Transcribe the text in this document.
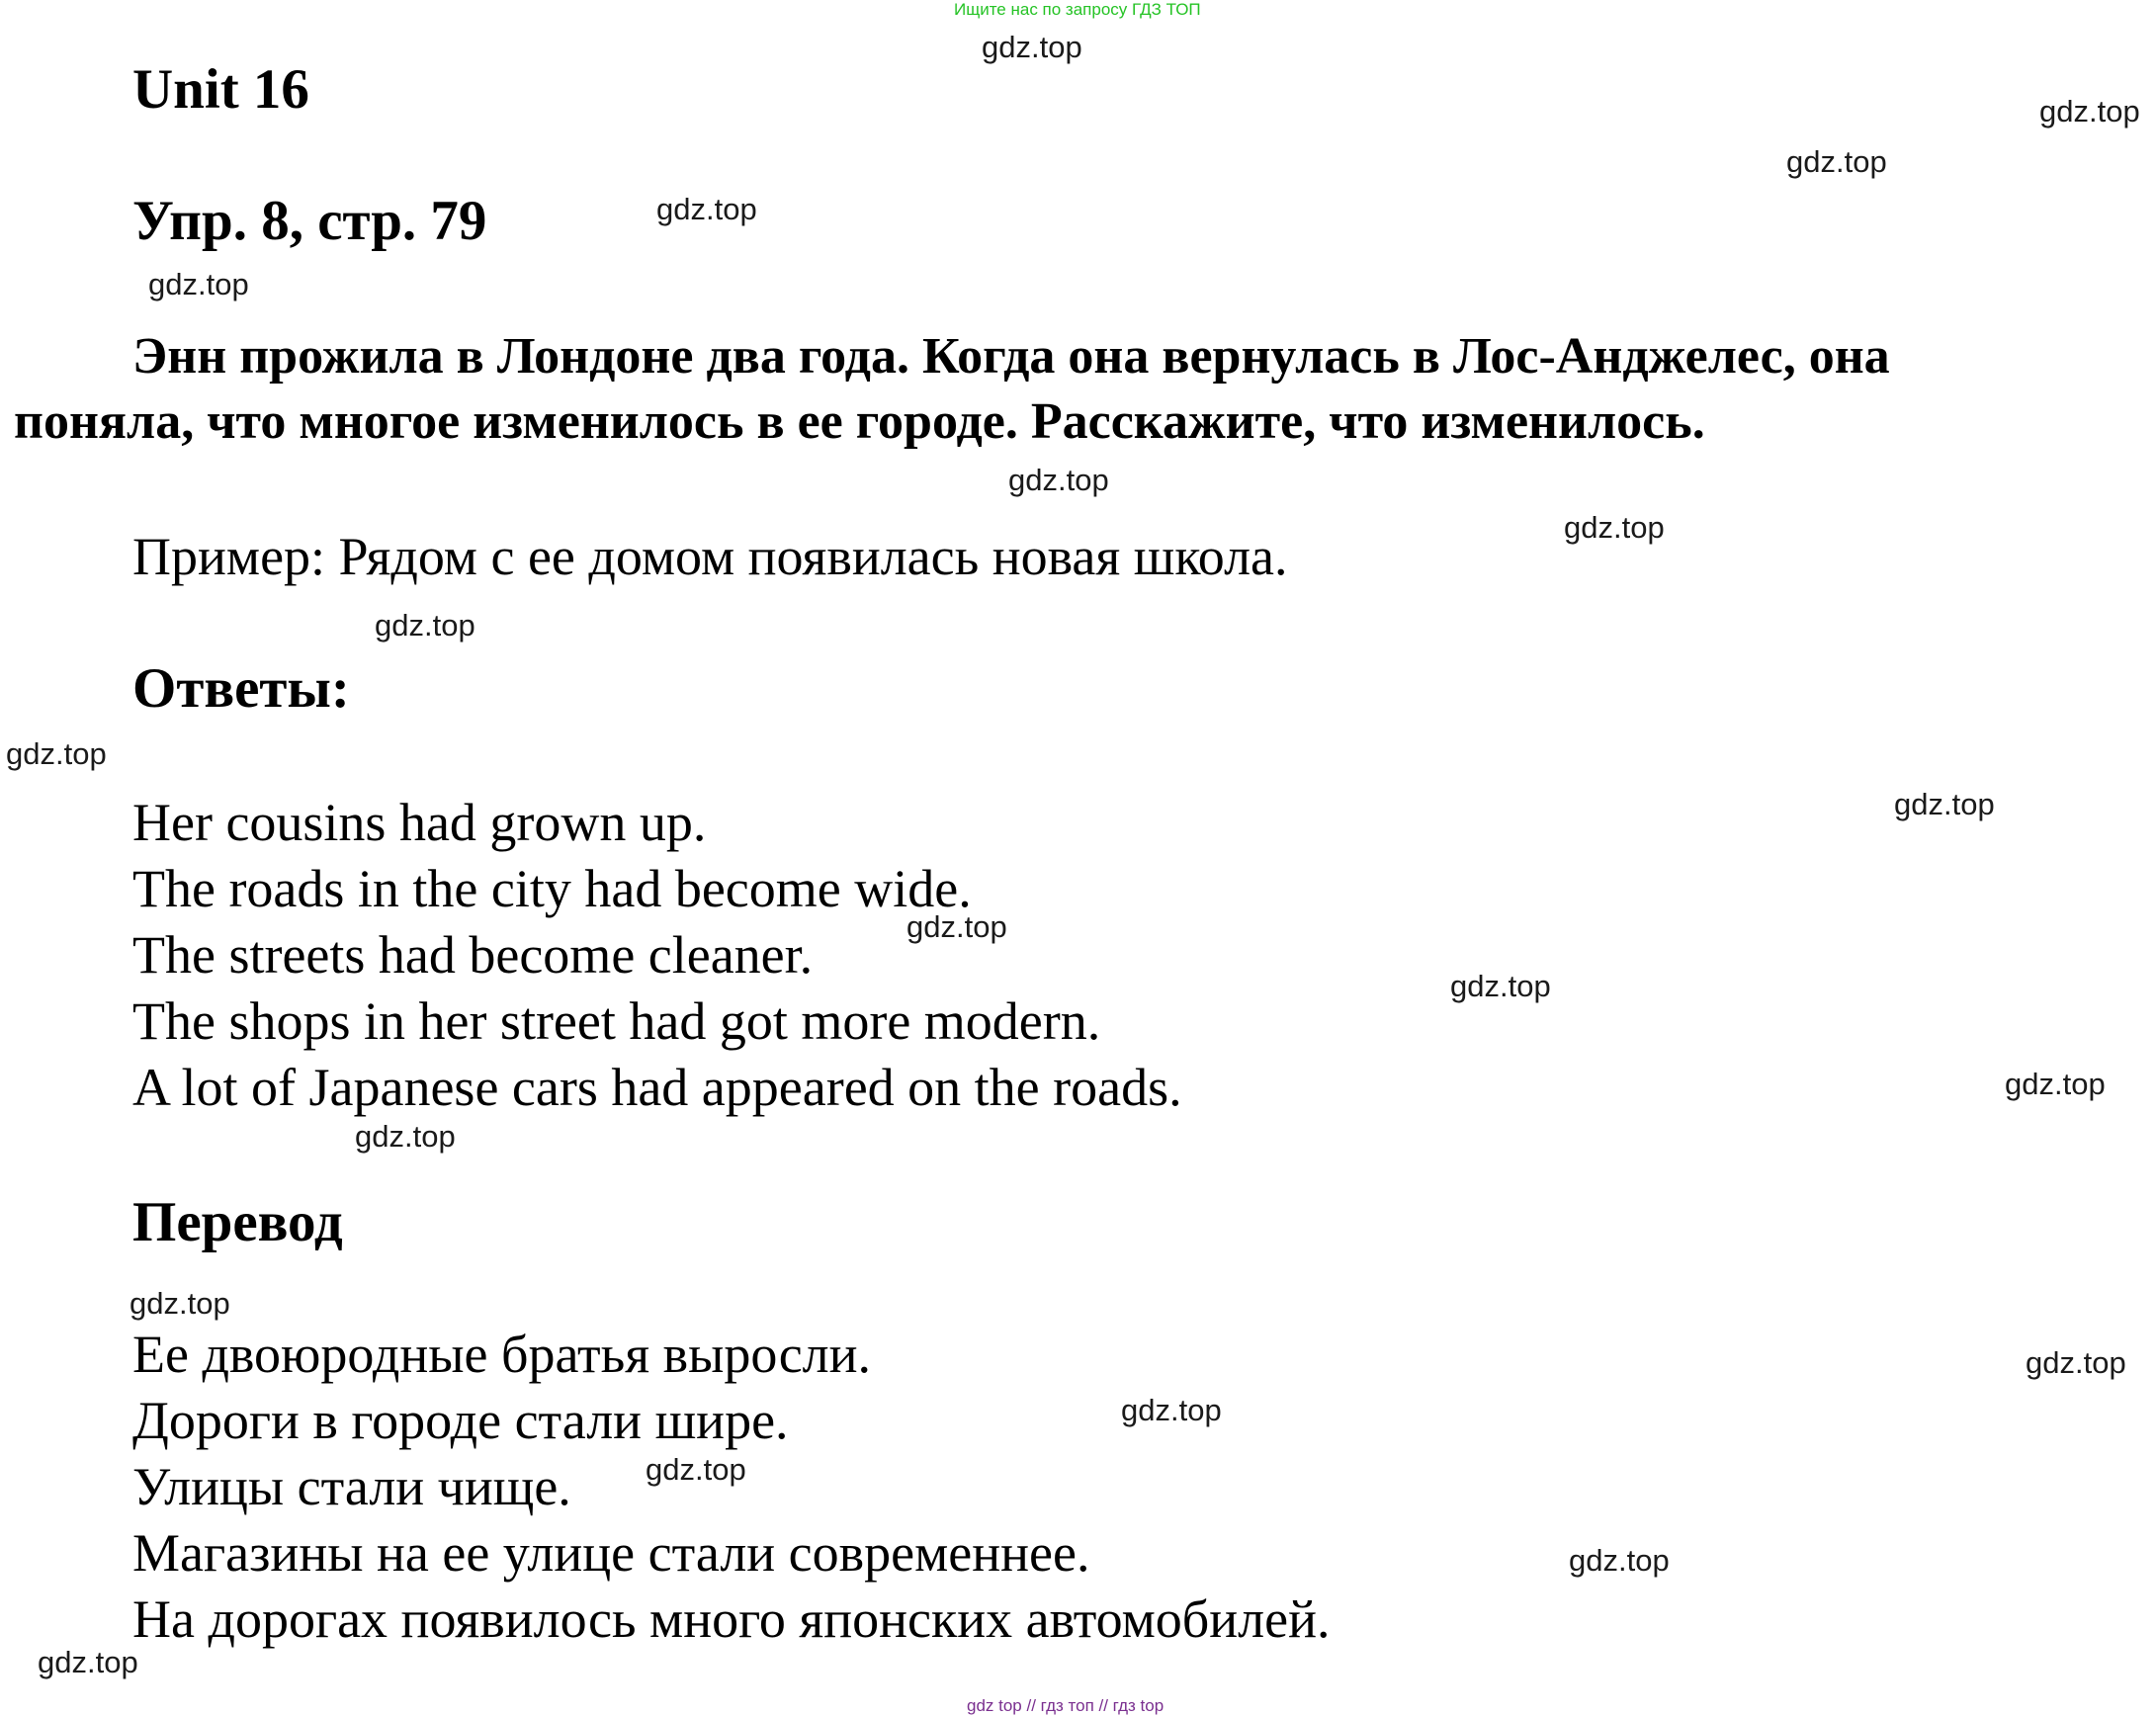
Ищите нас по запросу ГДЗ ТОП
Unit 16
Упр. 8, стр. 79
Энн прожила в Лондоне два года. Когда она вернулась в Лос-Анджелес, она
поняла, что многое изменилось в ее городе. Расскажите, что изменилось.
Пример: Рядом с ее домом появилась новая школа.
Ответы:
Her cousins had grown up.
The roads in the city had become wide.
The streets had become cleaner.
The shops in her street had got more modern.
A lot of Japanese cars had appeared on the roads.
Перевод
Ее двоюродные братья выросли.
Дороги в городе стали шире.
Улицы стали чище.
Магазины на ее улице стали современнее.
На дорогах появилось много японских автомобилей.
gdz.top
gdz.top
gdz.top
gdz.top
gdz.top
gdz.top
gdz.top
gdz.top
gdz.top
gdz.top
gdz.top
gdz.top
gdz.top
gdz.top
gdz.top
gdz.top
gdz.top
gdz.top
gdz.top
gdz.top
gdz top // гдз топ // гдз top
